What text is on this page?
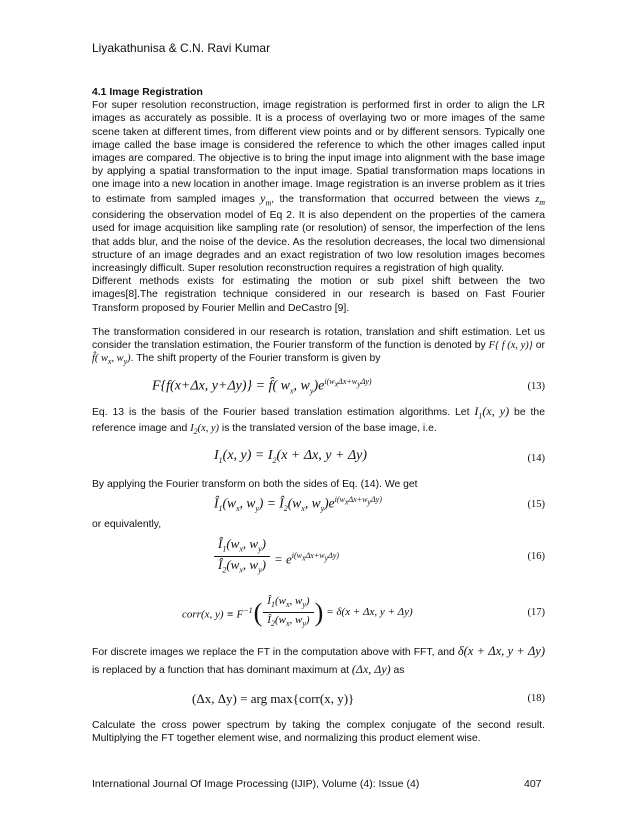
Liyakathunisa & C.N. Ravi Kumar

4.1 Image Registration

For super resolution reconstruction, image registration is performed first in order to align the LR images as accurately as possible. It is a process of overlaying two or more images of the same scene taken at different times, from different view points and or by different sensors. Typically one image called the base image is considered the reference to which the other images called input images are compared. The objective is to bring the input image into alignment with the base image by applying a spatial transformation to the input image. Spatial transformation maps locations in one image into a new location in another image. Image registration is an inverse problem as it tries to estimate from sampled images $y_m$, the transformation that occurred between the views $z_m$ considering the observation model of Eq 2. It is also dependent on the properties of the camera used for image acquisition like sampling rate (or resolution) of sensor, the imperfection of the lens that adds blur, and the noise of the device. As the resolution decreases, the local two dimensional structure of an image degrades and an exact registration of two low resolution images becomes increasingly difficult. Super resolution reconstruction requires a registration of high quality.

Different methods exists for estimating the motion or sub pixel shift between the two images[8].The registration technique considered in our research is based on Fast Fourier Transform proposed by Fourier Mellin and DeCastro [9].

The transformation considered in our research is rotation, translation and shift estimation. Let us consider the translation estimation, the Fourier transform of the function is denoted by F{ f (x, y)} or f̂( $w_x$, $w_y$). The shift property of the Fourier transform is given by

F{f(x+Δx, y+Δy)} = f̂( $w_x$, $w_y)e^{i(w_x\Delta x+w_y\Delta y)}$	(13)

Eq. 13 is the basis of the Fourier based translation estimation algorithms. Let $I_1(x$, y) be the reference image and $I_2(x$, y) is the translated version of the base image, i.e.

$I_1(x$, $y) = I_2(x + \Delta x$, y + Δy)	(14)

By applying the Fourier transform on both the sides of Eq. (14). We get

$Î_1(w_x$, $w_y$) = $Î_2(w_x$, $w_y)e^{i(w_x\Delta x+w_y\Delta y)}$	(15)

or equivalently,

$\frac{Î_1(w_x, w_y)}{Î_2(w_x, w_y)} = e^{i(w_x\Delta x+w_y\Delta y)}$	(16)
corr(x, $y) \equiv F^{-1}$ ( $\frac{Î_1(w_x, w_y)}{Î_2(w_x, w_y)}$ ) = δ(x + Δx, y + Δy)	(17)

For discrete images we replace the FT in the computation above with FFT, and δ(x + Δx, y + Δy) is replaced by a function that has dominant maximum at (Δx, Δy) as

(Δx, Δy) = arg max{corr(x, y)}	(18)

Calculate the cross power spectrum by taking the complex conjugate of the second result. Multiplying the FT together element wise, and normalizing this product element wise.

International Journal Of Image Processing (IJIP), Volume (4): Issue (4)	407
